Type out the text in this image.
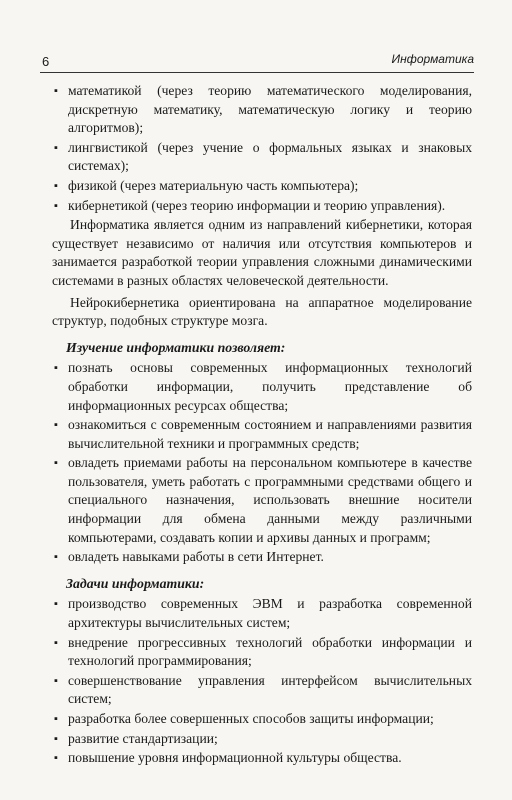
6	Информатика
▪ математикой (через теорию математического моделирования, дискретную математику, математическую логику и теорию алгоритмов);
▪ лингвистикой (через учение о формальных языках и знаковых системах);
▪ физикой (через материальную часть компьютера);
▪ кибернетикой (через теорию информации и теорию управления).

Информатика является одним из направлений кибернетики, которая существует независимо от наличия или отсутствия компьютеров и занимается разработкой теории управления сложными динамическими системами в разных областях человеческой деятельности.

Нейрокибернетика ориентирована на аппаратное моделирование структур, подобных структуре мозга.

Изучение информатики позволяет:
▪ познать основы современных информационных технологий обработки информации, получить представление об информационных ресурсах общества;
▪ ознакомиться с современным состоянием и направлениями развития вычислительной техники и программных средств;
▪ овладеть приемами работы на персональном компьютере в качестве пользователя, уметь работать с программными средствами общего и специального назначения, использовать внешние носители информации для обмена данными между различными компьютерами, создавать копии и архивы данных и программ;
▪ овладеть навыками работы в сети Интернет.
Задачи информатики:
▪ производство современных ЭВМ и разработка современной архитектуры вычислительных систем;
▪ внедрение прогрессивных технологий обработки информации и технологий программирования;
▪ совершенствование управления интерфейсом вычислительных систем;
▪ разработка более совершенных способов защиты информации;
▪ развитие стандартизации;
▪ повышение уровня информационной культуры общества.
